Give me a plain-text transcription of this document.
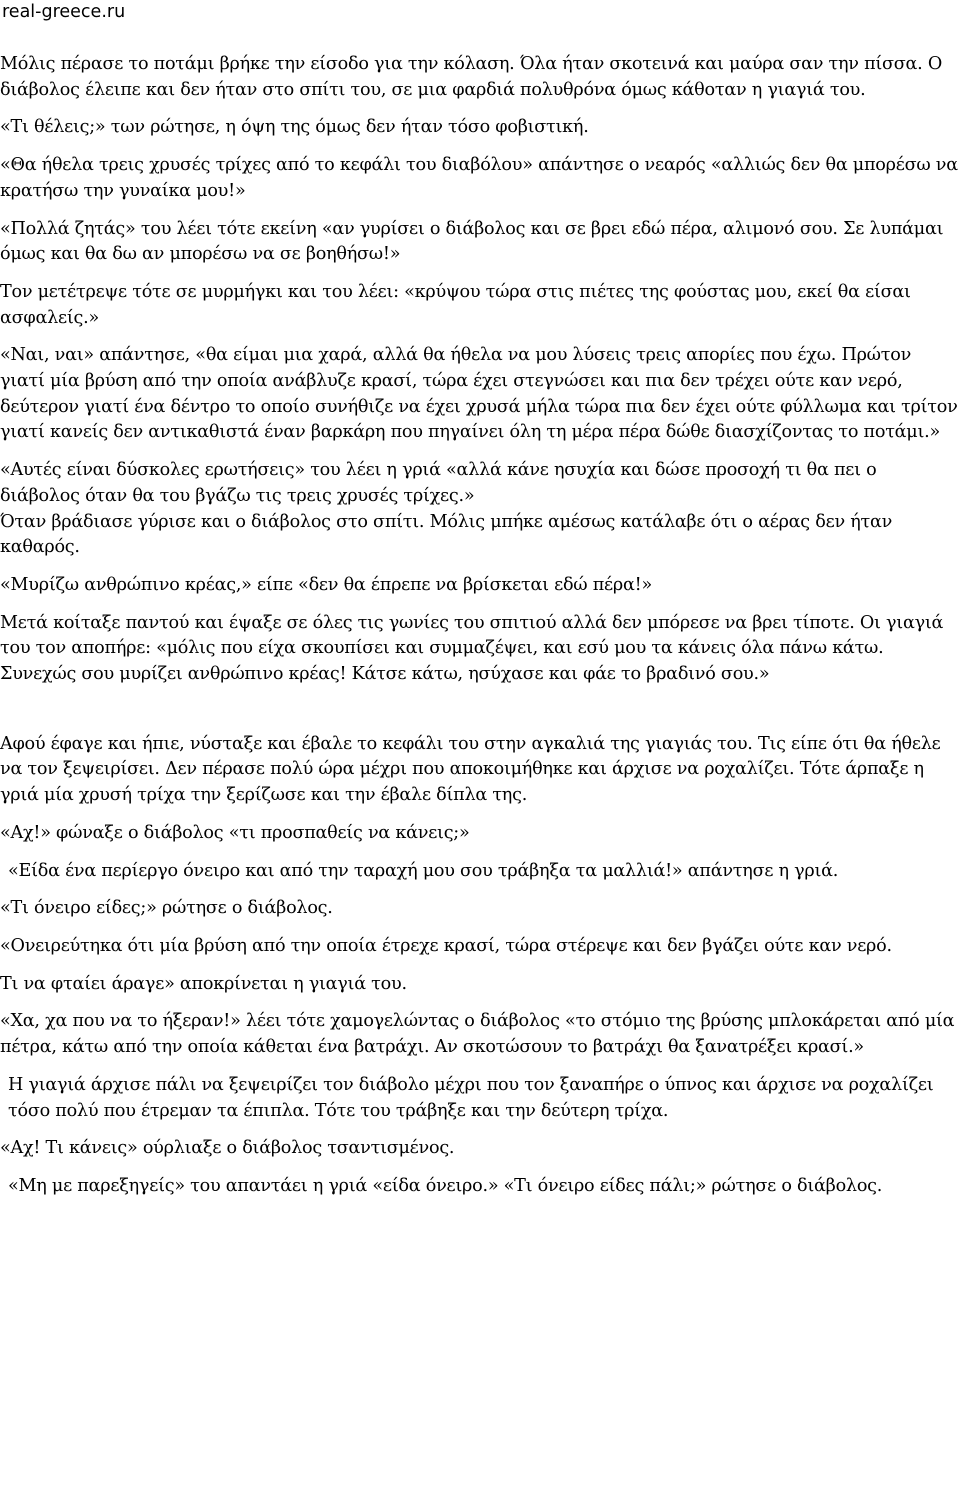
real-greece.ru

Μόλις πέρασε το ποτάμι βρήκε την είσοδο για την κόλαση. Όλα ήταν σκοτεινά και μαύρα σαν την πίσσα. Ο διάβολος έλειπε και δεν ήταν στο σπίτι του, σε μια φαρδιά πολυθρόνα όμως κάθοταν η γιαγιά του.

«Τι θέλεις;» των ρώτησε, η όψη της όμως δεν ήταν τόσο φοβιστική.

«Θα ήθελα τρεις χρυσές τρίχες από το κεφάλι του διαβόλου» απάντησε ο νεαρός «αλλιώς δεν θα μπορέσω να κρατήσω την γυναίκα μου!»

«Πολλά ζητάς» του λέει τότε εκείνη «αν γυρίσει ο διάβολος και σε βρει εδώ πέρα, αλιμονό σου. Σε λυπάμαι όμως και θα δω αν μπορέσω να σε βοηθήσω!»

Τον μετέτρεψε τότε σε μυρμήγκι και του λέει: «κρύψου τώρα στις πιέτες της φούστας μου, εκεί θα είσαι ασφαλείς.»

«Ναι, ναι» απάντησε, «θα είμαι μια χαρά, αλλά θα ήθελα να μου λύσεις τρεις απορίες που έχω. Πρώτον γιατί μία βρύση από την οποία ανάβλυζε κρασί, τώρα έχει στεγνώσει και πια δεν τρέχει ούτε καν νερό, δεύτερον γιατί ένα δέντρο το οποίο συνήθιζε να έχει χρυσά μήλα τώρα πια δεν έχει ούτε φύλλωμα και τρίτον γιατί κανείς δεν αντικαθιστά έναν βαρκάρη που πηγαίνει όλη τη μέρα πέρα δώθε διασχίζοντας το ποτάμι.»

«Αυτές είναι δύσκολες ερωτήσεις» του λέει η γριά «αλλά κάνε ησυχία και δώσε προσοχή τι θα πει ο διάβολος όταν θα του βγάζω τις τρεις χρυσές τρίχες.»

Όταν βράδιασε γύρισε και ο διάβολος στο σπίτι. Μόλις μπήκε αμέσως κατάλαβε ότι ο αέρας δεν ήταν καθαρός.

«Μυρίζω ανθρώπινο κρέας,» είπε «δεν θα έπρεπε να βρίσκεται εδώ πέρα!»

Μετά κοίταξε παντού και έψαξε σε όλες τις γωνίες του σπιτιού αλλά δεν μπόρεσε να βρει τίποτε. Οι γιαγιά του τον αποπήρε: «μόλις που είχα σκουπίσει και συμμαζέψει, και εσύ μου τα κάνεις όλα πάνω κάτω. Συνεχώς σου μυρίζει ανθρώπινο κρέας! Κάτσε κάτω, ησύχασε και φάε το βραδινό σου.»

Αφού έφαγε και ήπιε, νύσταξε και έβαλε το κεφάλι του στην αγκαλιά της γιαγιάς του. Τις είπε ότι θα ήθελε να τον ξεψειρίσει. Δεν πέρασε πολύ ώρα μέχρι που αποκοιμήθηκε και άρχισε να ροχαλίζει. Τότε άρπαξε η γριά μία χρυσή τρίχα την ξερίζωσε και την έβαλε δίπλα της.

«Αχ!» φώναξε ο διάβολος «τι προσπαθείς να κάνεις;»

«Είδα ένα περίεργο όνειρο και από την ταραχή μου σου τράβηξα τα μαλλιά!» απάντησε η γριά.

«Τι όνειρο είδες;» ρώτησε ο διάβολος.

«Ονειρεύτηκα ότι μία βρύση από την οποία έτρεχε κρασί, τώρα στέρεψε και δεν βγάζει ούτε καν νερό.

Τι να φταίει άραγε» αποκρίνεται η γιαγιά του.

«Χα, χα που να το ήξεραν!» λέει τότε χαμογελώντας ο διάβολος «το στόμιο της βρύσης μπλοκάρεται από μία πέτρα, κάτω από την οποία κάθεται ένα βατράχι. Αν σκοτώσουν το βατράχι θα ξανατρέξει κρασί.»

Η γιαγιά άρχισε πάλι να ξεψειρίζει τον διάβολο μέχρι που τον ξαναπήρε ο ύπνος και άρχισε να ροχαλίζει τόσο πολύ που έτρεμαν τα έπιπλα. Τότε του τράβηξε και την δεύτερη τρίχα.

«Αχ! Τι κάνεις» ούρλιαξε ο διάβολος τσαντισμένος.

«Μη με παρεξηγείς» του απαντάει η γριά «είδα όνειρο.» «Τι όνειρο είδες πάλι;» ρώτησε ο διάβολος.
